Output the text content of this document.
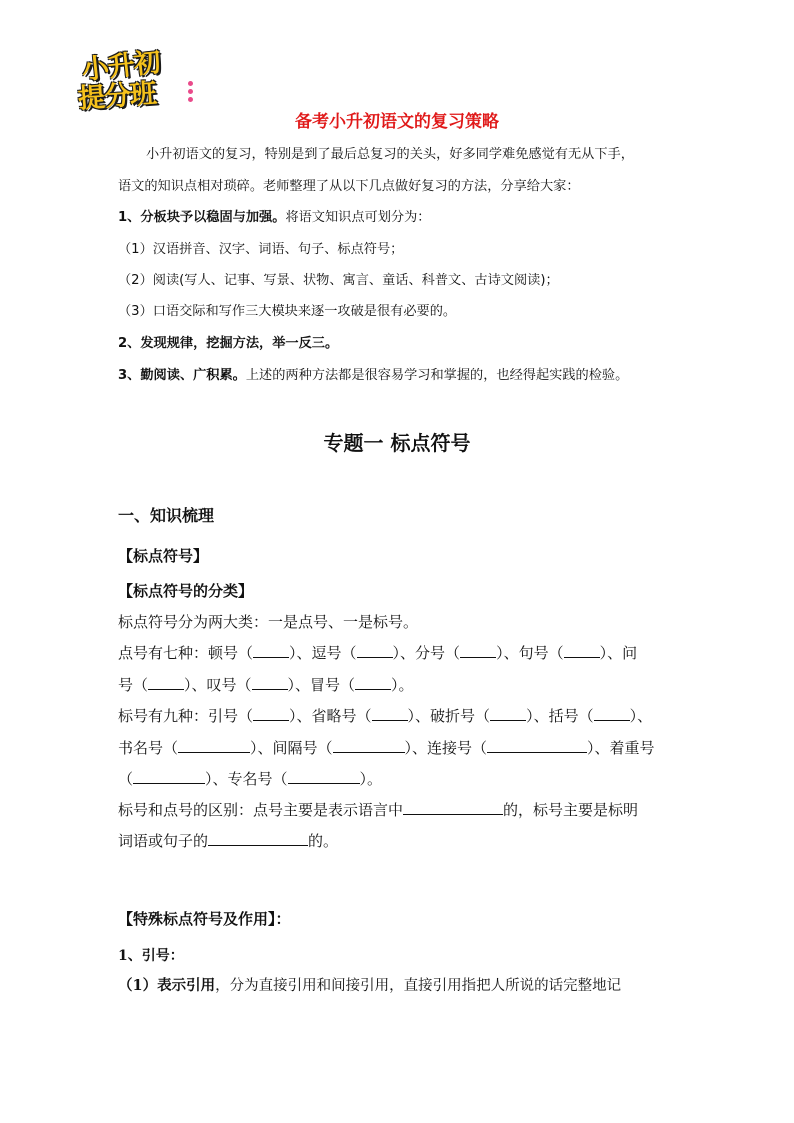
小升初
提分班
备考小升初语文的复习策略
小升初语文的复习，特别是到了最后总复习的关头，好多同学难免感觉有无从下手，
语文的知识点相对琐碎。老师整理了从以下几点做好复习的方法，分享给大家：
1、分板块予以稳固与加强。将语文知识点可划分为：
（1）汉语拼音、汉字、词语、句子、标点符号；
（2）阅读(写人、记事、写景、状物、寓言、童话、科普文、古诗文阅读)；
（3）口语交际和写作三大模块来逐一攻破是很有必要的。
2、发现规律，挖掘方法，举一反三。
3、勤阅读、广积累。上述的两种方法都是很容易学习和掌握的，也经得起实践的检验。
专题一 标点符号
一、知识梳理
【标点符号】
【标点符号的分类】
标点符号分为两大类：一是点号、一是标号。
点号有七种：顿号（ ）、逗号（ ）、分号（ ）、句号（ ）、问
号（ ）、叹号（ ）、冒号（ ）。
标号有九种：引号（ ）、省略号（ ）、破折号（ ）、括号（ ）、
书名号（	）、间隔号（	）、连接号（	）、着重号
（	）、专名号（	）。
标号和点号的区别：点号主要是表示语言中	的，标号主要是标明
词语或句子的	的。
【特殊标点符号及作用】：
1、引号：
（1）表示引用，分为直接引用和间接引用，直接引用指把人所说的话完整地记
